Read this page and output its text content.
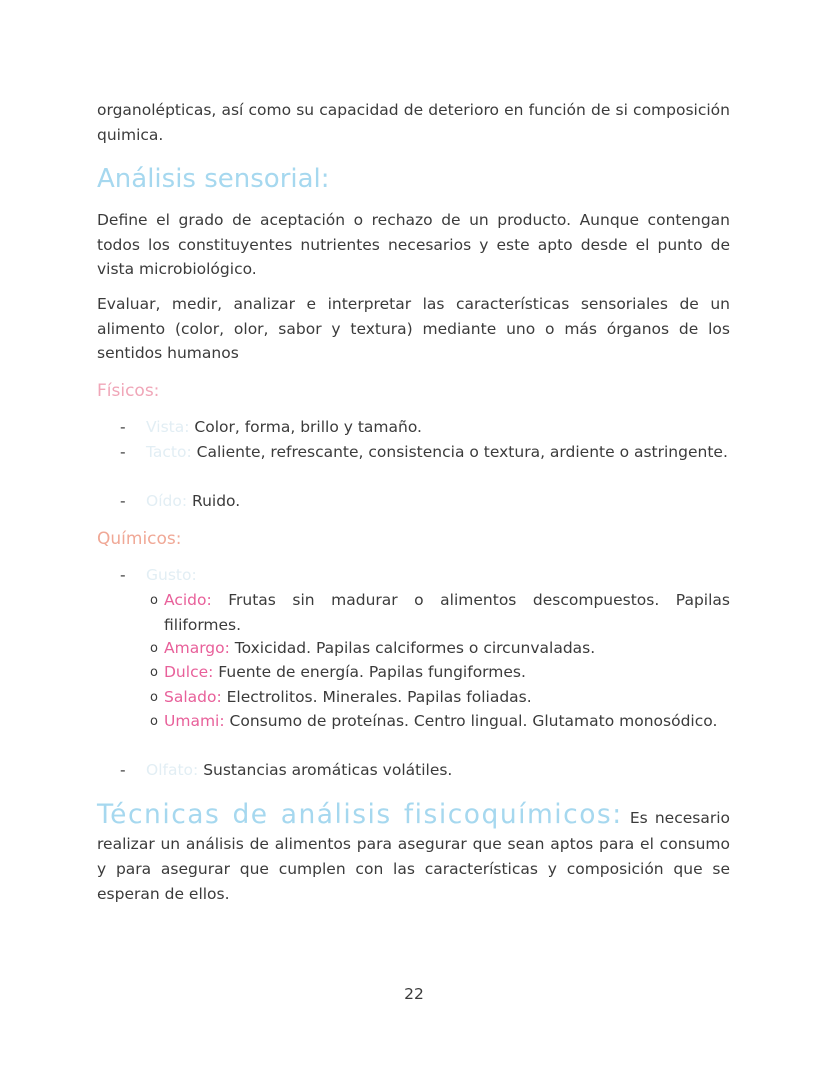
organolépticas, así como su capacidad de deterioro en función de si composición quimica.

Análisis sensorial:

Define el grado de aceptación o rechazo de un producto. Aunque contengan todos los constituyentes nutrientes necesarios y este apto desde el punto de vista microbiológico.

Evaluar, medir, analizar e interpretar las características sensoriales de un alimento (color, olor, sabor y textura) mediante uno o más órganos de los sentidos humanos

Físicos:
- Vista: Color, forma, brillo y tamaño.

- Tacto: Caliente, refrescante, consistencia o textura, ardiente o astringente.

- Oído: Ruido.

Químicos:
- Gusto:

o Acido: Frutas sin madurar o alimentos descompuestos. Papilas filiformes.

o Amargo: Toxicidad. Papilas calciformes o circunvaladas.

o Dulce: Fuente de energía. Papilas fungiformes.

o Salado: Electrolitos. Minerales. Papilas foliadas.

o Umami: Consumo de proteínas. Centro lingual. Glutamato monosódico.

- Olfato: Sustancias aromáticas volátiles.

Técnicas de análisis fisicoquímicos: Es necesario realizar un análisis de alimentos para asegurar que sean aptos para el consumo y para asegurar que cumplen con las características y composición que se esperan de ellos.

22
